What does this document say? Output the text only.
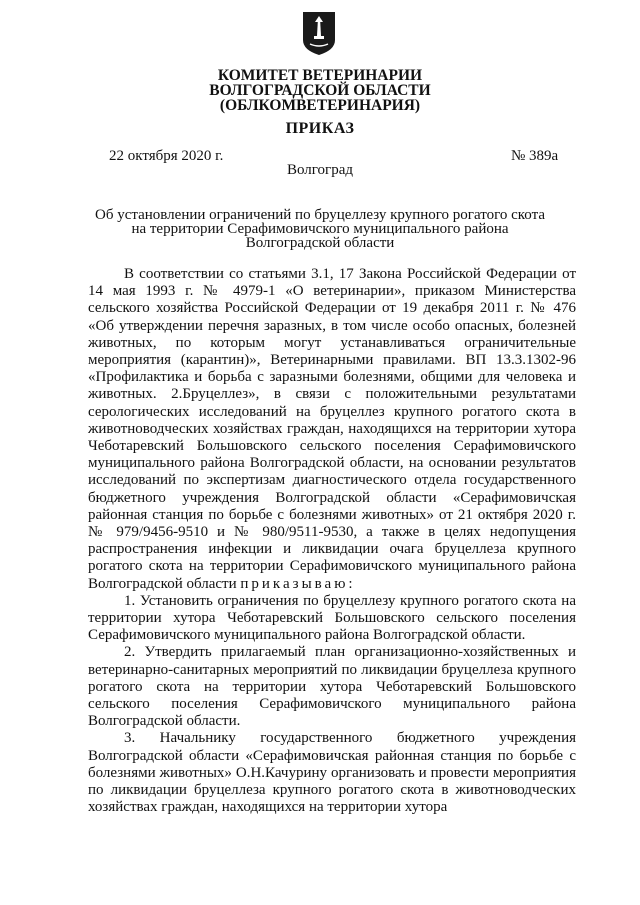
КОМИТЕТ ВЕТЕРИНАРИИ
ВОЛГОГРАДСКОЙ ОБЛАСТИ
(ОБЛКОМВЕТЕРИНАРИЯ)
ПРИКАЗ
22 октября 2020 г.	№ 389а
Волгоград
Об установлении ограничений по бруцеллезу крупного рогатого скота
на территории Серафимовичского муниципального района
Волгоградской области

В соответствии со статьями 3.1, 17 Закона Российской Федерации от 14 мая 1993 г. № 4979-1 «О ветеринарии», приказом Министерства сельского хозяйства Российской Федерации от 19 декабря 2011 г. № 476 «Об утверждении перечня заразных, в том числе особо опасных, болезней животных, по которым могут устанавливаться ограничительные мероприятия (карантин)», Ветеринарными правилами. ВП 13.3.1302-96 «Профилактика и борьба с заразными болезнями, общими для человека и животных. 2.Бруцеллез», в связи с положительными результатами серологических исследований на бруцеллез крупного рогатого скота в животноводческих хозяйствах граждан, находящихся на территории хутора Чеботаревский Большовского сельского поселения Серафимовичского муниципального района Волгоградской области, на основании результатов исследований по экспертизам диагностического отдела государственного бюджетного учреждения Волгоградской области «Серафимовичская районная станция по борьбе с болезнями животных» от 21 октября 2020 г. № 979/9456-9510 и № 980/9511-9530, а также в целях недопущения распространения инфекции и ликвидации очага бруцеллеза крупного рогатого скота на территории Серафимовичского муниципального района Волгоградской области приказываю:

1. Установить ограничения по бруцеллезу крупного рогатого скота на территории хутора Чеботаревский Большовского сельского поселения Серафимовичского муниципального района Волгоградской области.

2. Утвердить прилагаемый план организационно-хозяйственных и ветеринарно-санитарных мероприятий по ликвидации бруцеллеза крупного рогатого скота на территории хутора Чеботаревский Большовского сельского поселения Серафимовичского муниципального района Волгоградской области.

3. Начальнику государственного бюджетного учреждения Волгоградской области «Серафимовичская районная станция по борьбе с болезнями животных» О.Н.Качурину организовать и провести мероприятия по ликвидации бруцеллеза крупного рогатого скота в животноводческих хозяйствах граждан, находящихся на территории хутора
